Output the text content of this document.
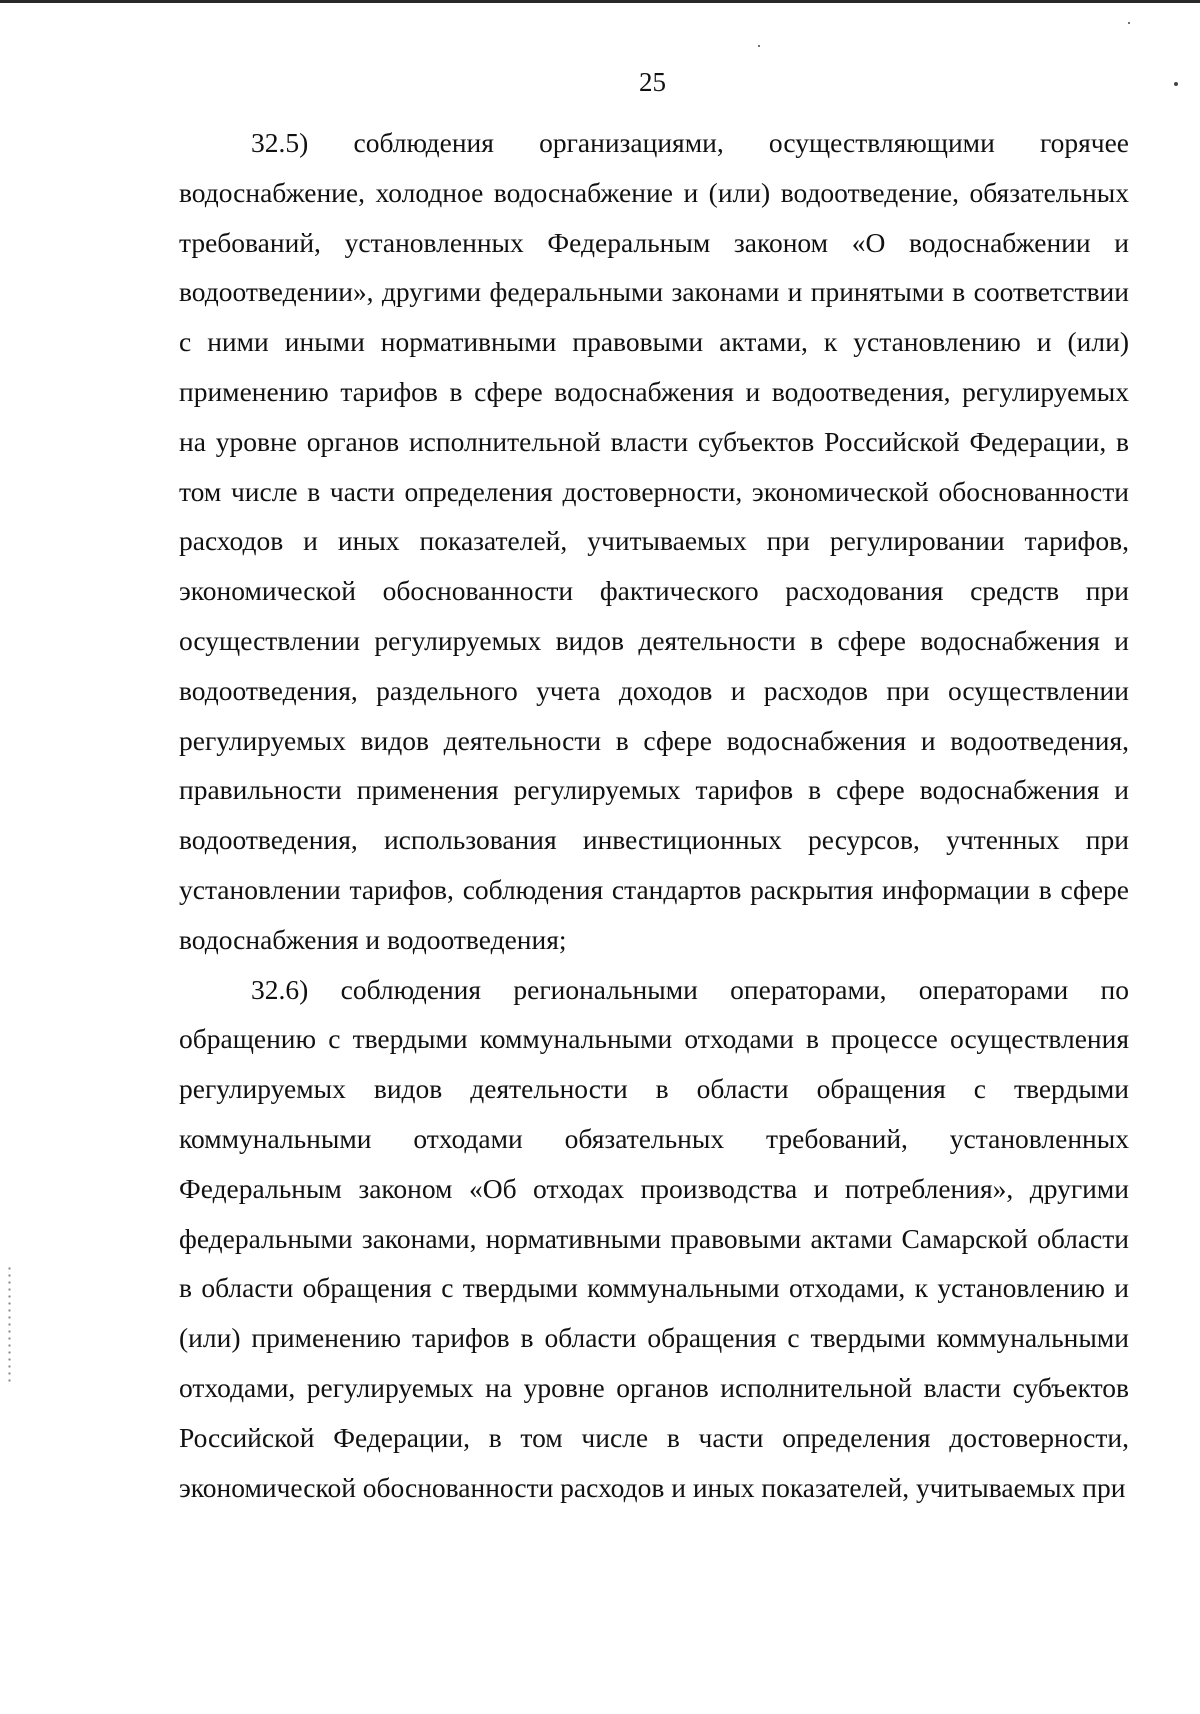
25

32.5) соблюдения организациями, осуществляющими горячее водоснабжение, холодное водоснабжение и (или) водоотведение, обязательных требований, установленных Федеральным законом «О водоснабжении и водоотведении», другими федеральными законами и принятыми в соответствии с ними иными нормативными правовыми актами, к установлению и (или) применению тарифов в сфере водоснабжения и водоотведения, регулируемых на уровне органов исполнительной власти субъектов Российской Федерации, в том числе в части определения достоверности, экономической обоснованности расходов и иных показателей, учитываемых при регулировании тарифов, экономической обоснованности фактического расходования средств при осуществлении регулируемых видов деятельности в сфере водоснабжения и водоотведения, раздельного учета доходов и расходов при осуществлении регулируемых видов деятельности в сфере водоснабжения и водоотведения, правильности применения регулируемых тарифов в сфере водоснабжения и водоотведения, использования инвестиционных ресурсов, учтенных при установлении тарифов, соблюдения стандартов раскрытия информации в сфере водоснабжения и водоотведения;

32.6) соблюдения региональными операторами, операторами по обращению с твердыми коммунальными отходами в процессе осуществления регулируемых видов деятельности в области обращения с твердыми коммунальными отходами обязательных требований, установленных Федеральным законом «Об отходах производства и потребления», другими федеральными законами, нормативными правовыми актами Самарской области в области обращения с твердыми коммунальными отходами, к установлению и (или) применению тарифов в области обращения с твердыми коммунальными отходами, регулируемых на уровне органов исполнительной власти субъектов Российской Федерации, в том числе в части определения достоверности, экономической обоснованности расходов и иных показателей, учитываемых при
